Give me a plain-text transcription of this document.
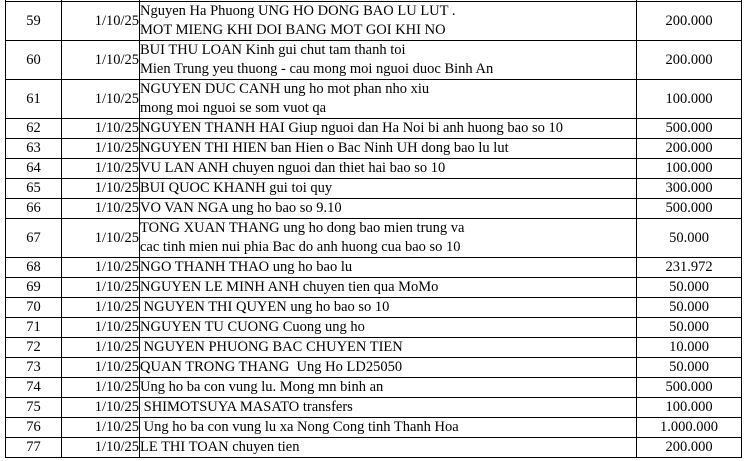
59	1/10/25	Nguyen Ha Phuong UNG HO DONG BAO LU LUT .
MOT MIENG KHI DOI BANG MOT GOI KHI NO	200.000
60	1/10/25	BUI THU LOAN Kinh gui chut tam thanh toi
Mien Trung yeu thuong - cau mong moi nguoi duoc Binh An	200.000
61	1/10/25	NGUYEN DUC CANH ung ho mot phan nho xiu
mong moi nguoi se som vuot qa	100.000
62	1/10/25	NGUYEN THANH HAI Giup nguoi dan Ha Noi bi anh huong bao so 10	500.000
63	1/10/25	NGUYEN THI HIEN ban Hien o Bac Ninh UH dong bao lu lut	200.000
64	1/10/25	VU LAN ANH chuyen nguoi dan thiet hai bao so 10	100.000
65	1/10/25	BUI QUOC KHANH gui toi quy	300.000
66	1/10/25	VO VAN NGA ung ho bao so 9.10	500.000
67	1/10/25	TONG XUAN THANG ung ho dong bao mien trung va
cac tinh mien nui phia Bac do anh huong cua bao so 10	50.000
68	1/10/25	NGO THANH THAO ung ho bao lu	231.972
69	1/10/25	NGUYEN LE MINH ANH chuyen tien qua MoMo	50.000
70	1/10/25	NGUYEN THI QUYEN ung ho bao so 10	50.000
71	1/10/25	NGUYEN TU CUONG Cuong ung ho	50.000
72	1/10/25	NGUYEN PHUONG BAC CHUYEN TIEN	10.000
73	1/10/25	QUAN TRONG THANG  Ung Ho LD25050	50.000
74	1/10/25	Ung ho ba con vung lu. Mong mn binh an	500.000
75	1/10/25	SHIMOTSUYA MASATO transfers	100.000
76	1/10/25	Ung ho ba con vung lu xa Nong Cong tinh Thanh Hoa	1.000.000
77	1/10/25	LE THI TOAN chuyen tien	200.000
